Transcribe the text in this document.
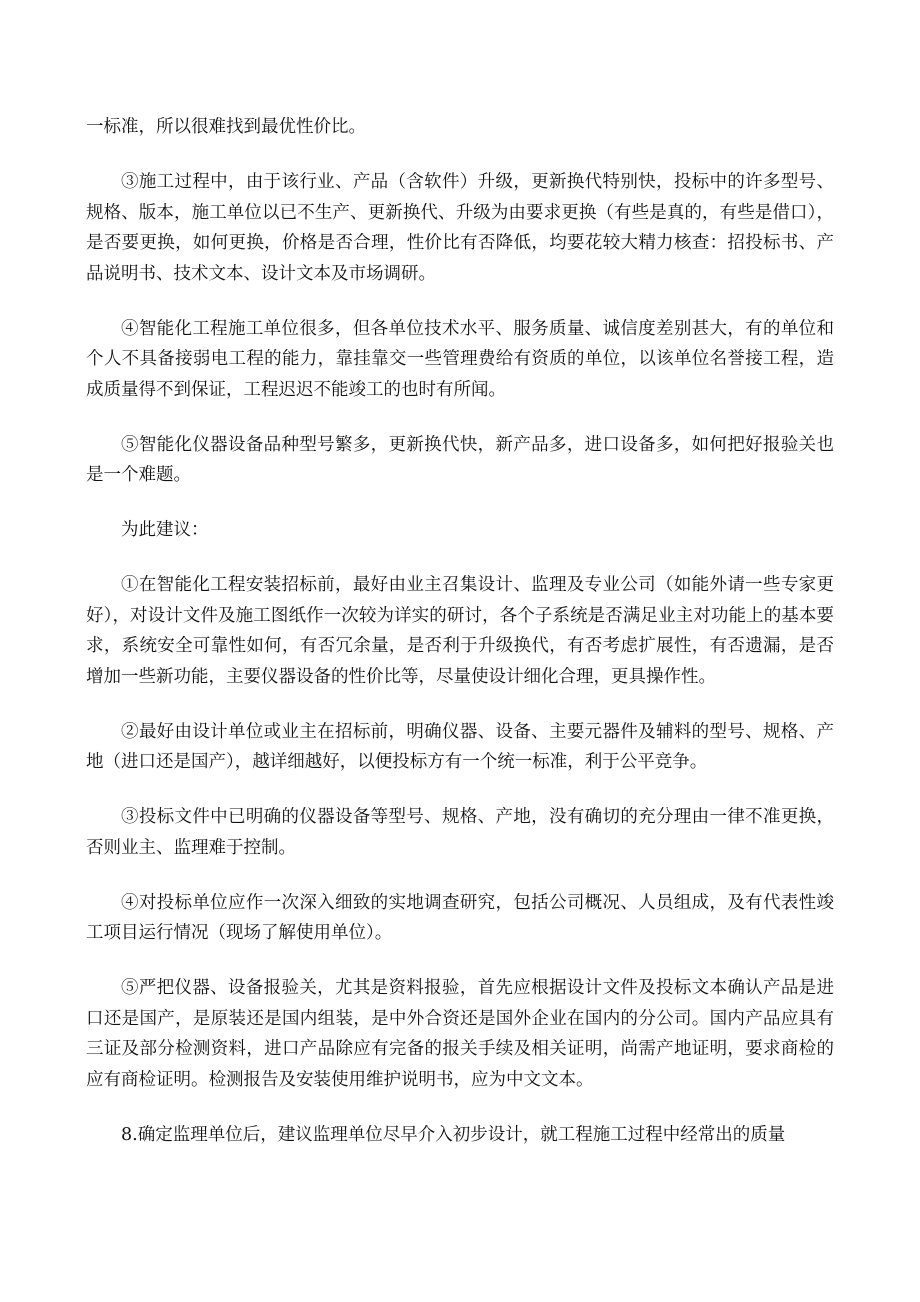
一标准，所以很难找到最优性价比。

③施工过程中，由于该行业、产品（含软件）升级，更新换代特别快，投标中的许多型号、规格、版本，施工单位以已不生产、更新换代、升级为由要求更换（有些是真的，有些是借口），是否要更换，如何更换，价格是否合理，性价比有否降低，均要花较大精力核查：招投标书、产品说明书、技术文本、设计文本及市场调研。

④智能化工程施工单位很多，但各单位技术水平、服务质量、诚信度差别甚大，有的单位和个人不具备接弱电工程的能力，靠挂靠交一些管理费给有资质的单位，以该单位名誉接工程，造成质量得不到保证，工程迟迟不能竣工的也时有所闻。

⑤智能化仪器设备品种型号繁多，更新换代快，新产品多，进口设备多，如何把好报验关也是一个难题。

为此建议：

①在智能化工程安装招标前，最好由业主召集设计、监理及专业公司（如能外请一些专家更好），对设计文件及施工图纸作一次较为详实的研讨，各个子系统是否满足业主对功能上的基本要求，系统安全可靠性如何，有否冗余量，是否利于升级换代，有否考虑扩展性，有否遗漏，是否增加一些新功能，主要仪器设备的性价比等，尽量使设计细化合理，更具操作性。

②最好由设计单位或业主在招标前，明确仪器、设备、主要元器件及辅料的型号、规格、产地（进口还是国产），越详细越好，以便投标方有一个统一标准，利于公平竞争。

③投标文件中已明确的仪器设备等型号、规格、产地，没有确切的充分理由一律不准更换，否则业主、监理难于控制。

④对投标单位应作一次深入细致的实地调查研究，包括公司概况、人员组成，及有代表性竣工项目运行情况（现场了解使用单位）。

⑤严把仪器、设备报验关，尤其是资料报验，首先应根据设计文件及投标文本确认产品是进口还是国产，是原装还是国内组装，是中外合资还是国外企业在国内的分公司。国内产品应具有三证及部分检测资料，进口产品除应有完备的报关手续及相关证明，尚需产地证明，要求商检的应有商检证明。检测报告及安装使用维护说明书，应为中文文本。

8.确定监理单位后，建议监理单位尽早介入初步设计，就工程施工过程中经常出的质量
